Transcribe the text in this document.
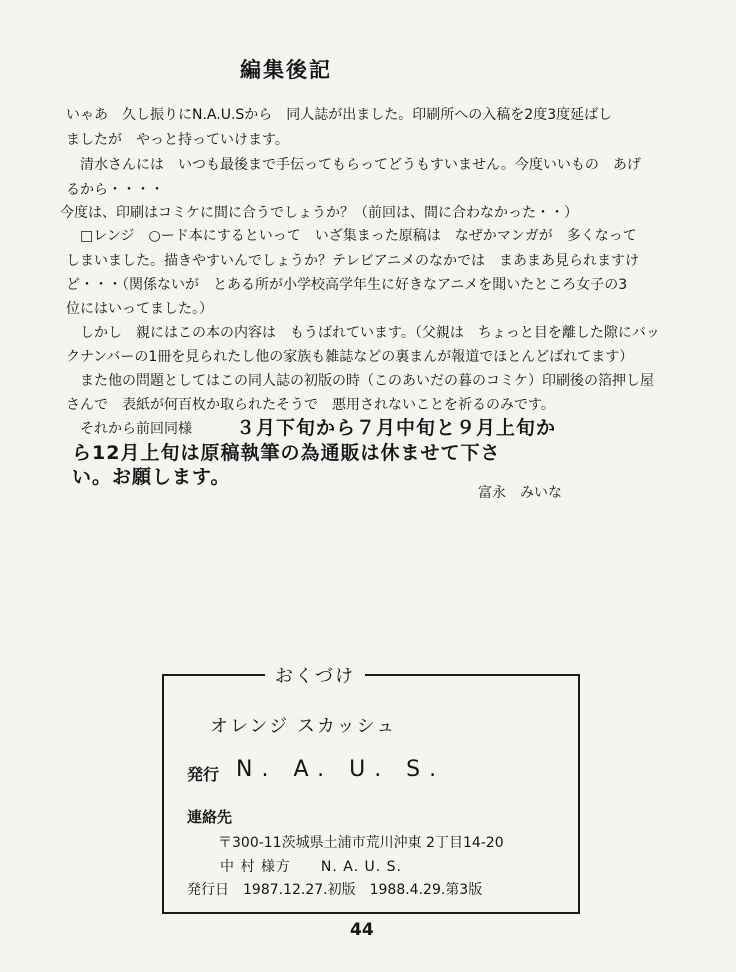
編集後記
いゃあ　久し振りにN.A.U.Sから　同人誌が出ました。印刷所への入稿を2度3度延ばし
ましたが　やっと持っていけます。
　清水さんには　いつも最後まで手伝ってもらってどうもすいません。今度いいもの　あげ
るから・・・・
今度は、印刷はコミケに間に合うでしょうか？（前回は、間に合わなかった・・）
　□レンジ　○ード本にするといって　いざ集まった原稿は　なぜかマンガが　多くなって
しまいました。描きやすいんでしょうか？テレビアニメのなかでは　まあまあ見られますけ
ど・・・（関係ないが　とある所が小学校高学年生に好きなアニメを聞いたところ女子の3
位にはいってました。）
　しかし　親にはこの本の内容は　もうばれています。（父親は　ちょっと目を離した隙にバッ
クナンバーの1冊を見られたし他の家族も雑誌などの裏まんが報道でほとんどばれてます）
　また他の問題としてはこの同人誌の初版の時（このあいだの暮のコミケ）印刷後の箔押し屋
さんで　表紙が何百枚か取られたそうで　悪用されないことを祈るのみです。
　それから前回同様 ３月下旬から７月中旬と９月上旬か
ら12月上旬は原稿執筆の為通販は休ませて下さ
い。お願します。
富永　みいな
おくづけ
オレンジ スカッシュ
発行 N. A. U. S.
連絡先
〒300-11茨城県土浦市荒川沖東 2丁目14-20
中 村 様方　　N. A. U. S.
発行日　1987.12.27.初版　1988.4.29.第3版
44
